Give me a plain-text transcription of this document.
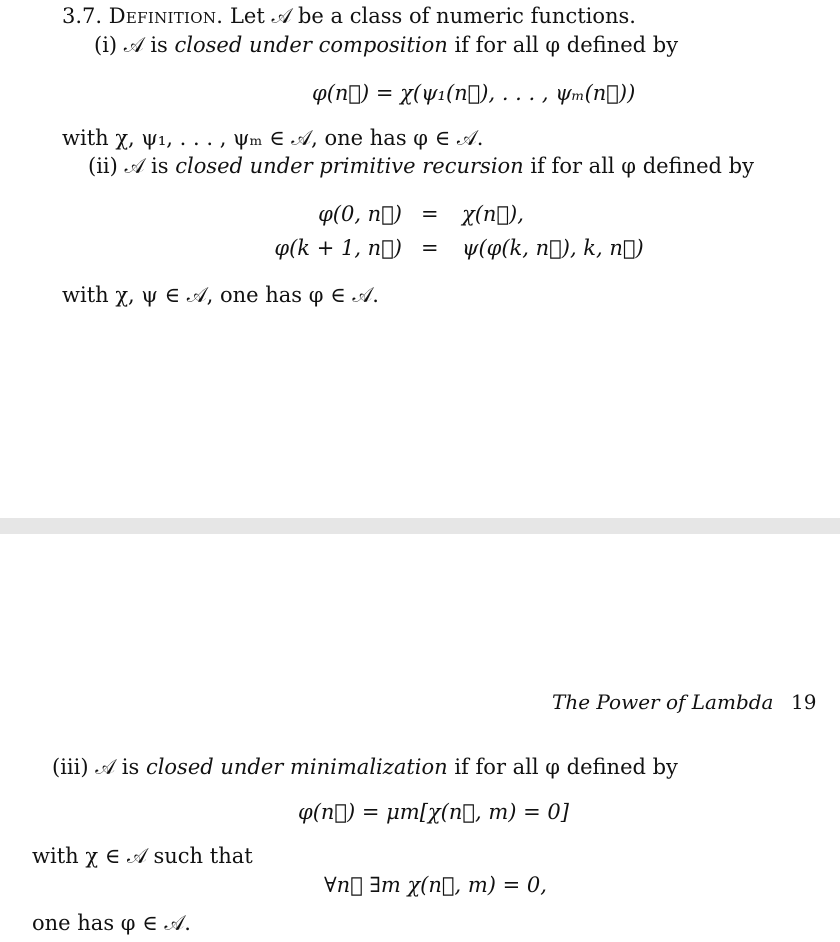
3.7. Definition. Let 𝒜 be a class of numeric functions.
(i) 𝒜 is closed under composition if for all φ defined by
φ(n⃗) = χ(ψ₁(n⃗), . . . , ψₘ(n⃗))
with χ, ψ₁, . . . , ψₘ ∈ 𝒜, one has φ ∈ 𝒜.
(ii) 𝒜 is closed under primitive recursion if for all φ defined by
φ(0, n⃗) = χ(n⃗),
φ(k + 1, n⃗) = ψ(φ(k, n⃗), k, n⃗)
with χ, ψ ∈ 𝒜, one has φ ∈ 𝒜.
The Power of Lambda 19
(iii) 𝒜 is closed under minimalization if for all φ defined by
φ(n⃗) = μm[χ(n⃗, m) = 0]
with χ ∈ 𝒜 such that
∀n⃗ ∃m χ(n⃗, m) = 0,
one has φ ∈ 𝒜.
